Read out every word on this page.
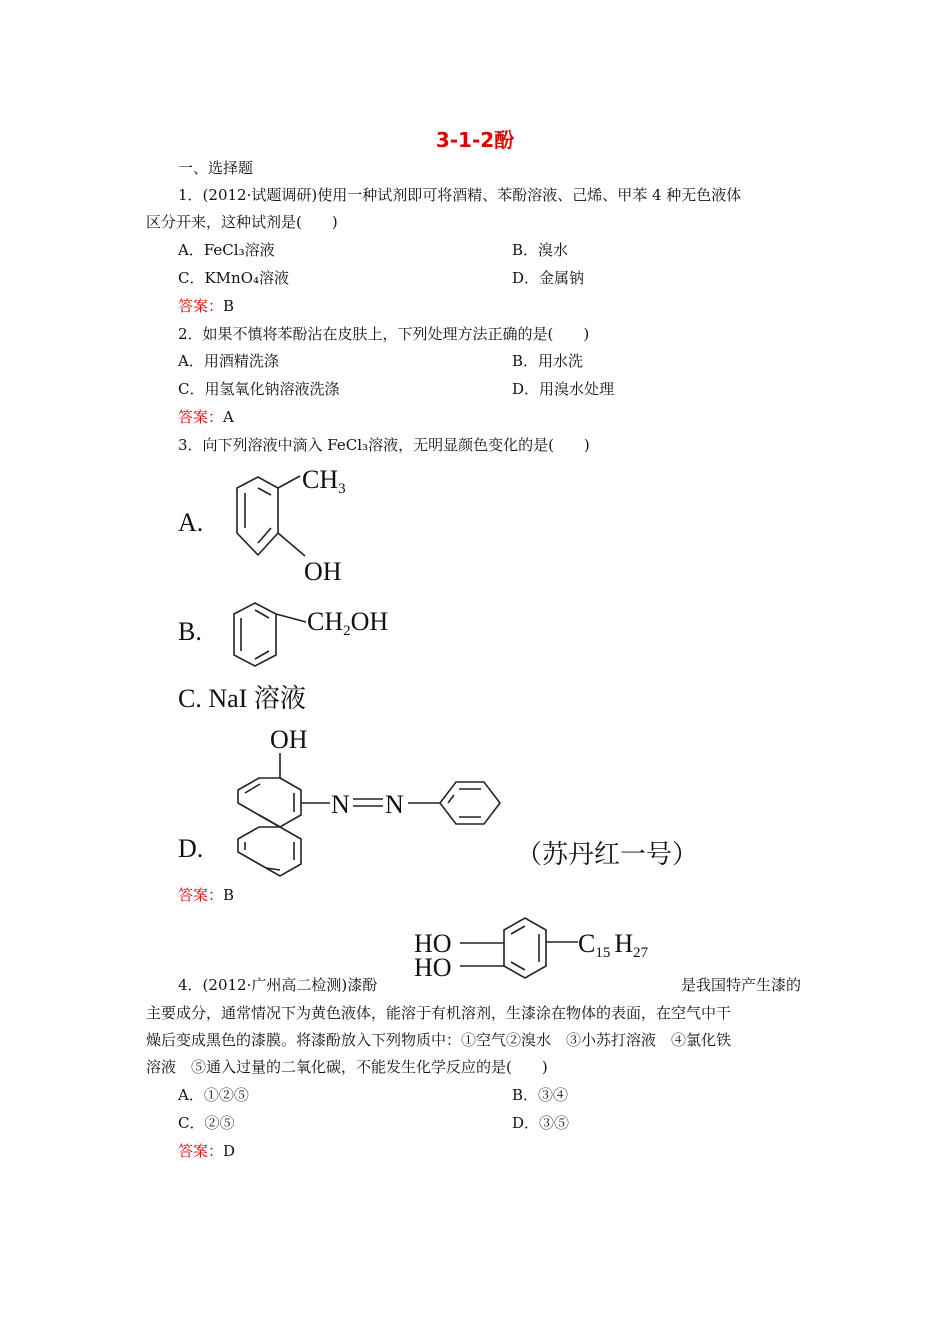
3-1-2酚
一、选择题
1．(2012·试题调研)使用一种试剂即可将酒精、苯酚溶液、己烯、甲苯 4 种无色液体
区分开来，这种试剂是(　　)
A．FeCl₃溶液	B．溴水
C．KMnO₄溶液	D．金属钠
答案：B
2．如果不慎将苯酚沾在皮肤上，下列处理方法正确的是(　　)
A．用酒精洗涤	B．用水洗
C．用氢氧化钠溶液洗涤	D．用溴水处理
答案：A
3．向下列溶液中滴入 FeCl₃溶液，无明显颜色变化的是(　　)
A.
CH3
OH
CH2OH
OH
N N
HO
HO
C15 H27
B.
C. NaI 溶液
D.	（苏丹红一号）
答案：B
4．(2012·广州高二检测)漆酚	是我国特产生漆的
主要成分，通常情况下为黄色液体，能溶于有机溶剂，生漆涂在物体的表面，在空气中干
燥后变成黑色的漆膜。将漆酚放入下列物质中：①空气②溴水　③小苏打溶液　④氯化铁
溶液　⑤通入过量的二氧化碳，不能发生化学反应的是(　　)
A．①②⑤	B．③④
C．②⑤	D．③⑤
答案：D
